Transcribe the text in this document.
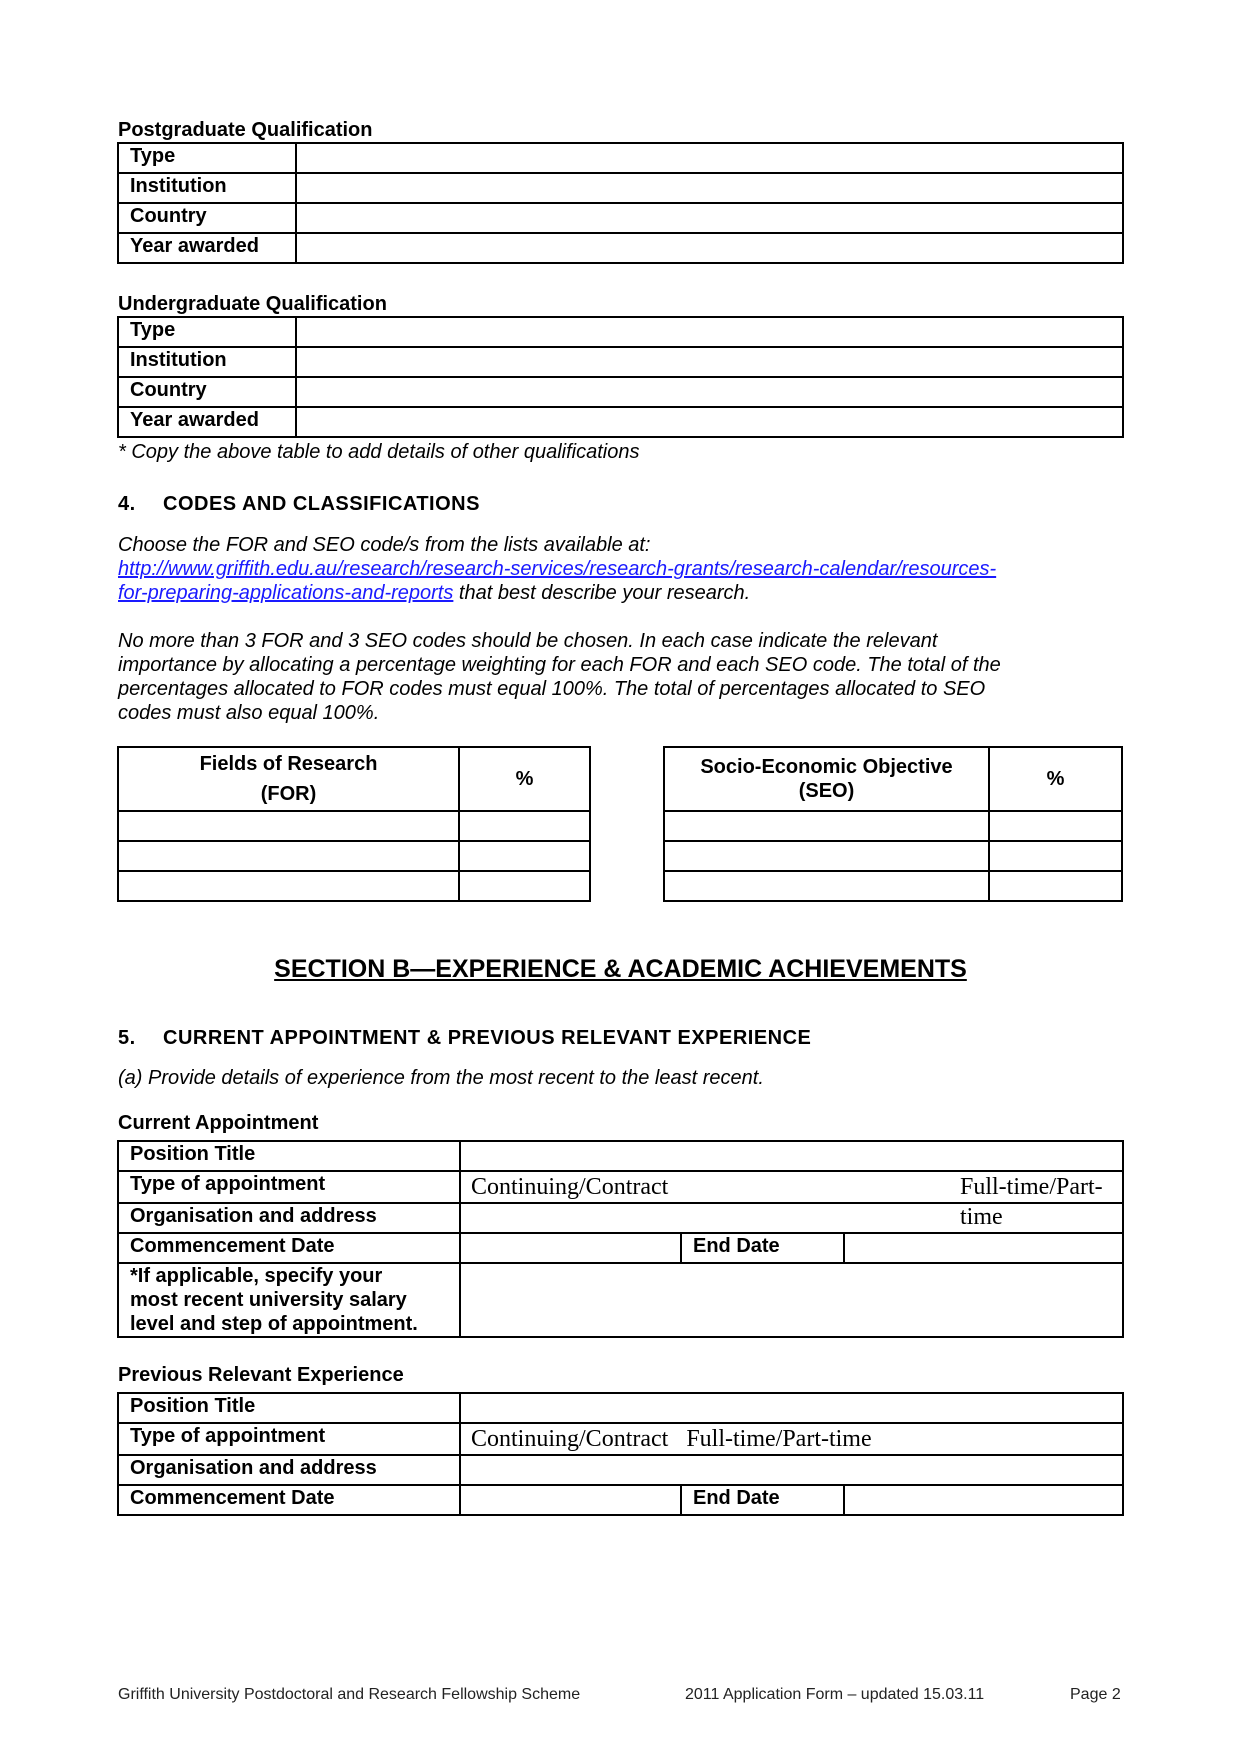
Postgraduate Qualification
Type	
Institution	
Country	
Year awarded	
Undergraduate Qualification
Type	
Institution	
Country	
Year awarded	
* Copy the above table to add details of other qualifications
4. CODES AND CLASSIFICATIONS
Choose the FOR and SEO code/s from the lists available at:
http://www.griffith.edu.au/research/research-services/research-grants/research-calendar/resources-
for-preparing-applications-and-reports that best describe your research.
No more than 3 FOR and 3 SEO codes should be chosen. In each case indicate the relevant
importance by allocating a percentage weighting for each FOR and each SEO code. The total of the
percentages allocated to FOR codes must equal 100%. The total of percentages allocated to SEO
codes must also equal 100%.
Fields of Research
(FOR)	%

Socio-Economic Objective
(SEO)	%

SECTION B—EXPERIENCE & ACADEMIC ACHIEVEMENTS
5. CURRENT APPOINTMENT & PREVIOUS RELEVANT EXPERIENCE
(a) Provide details of experience from the most recent to the least recent.
Current Appointment
Position Title			
Type of appointment	Continuing/Contract Full-time/Part-time		

Organisation and address			
Commencement Date		End Date	

*If applicable, specify your
most recent university salary
level and step of appointment.			

Previous Relevant Experience
Position Title			
Type of appointment	Continuing/Contract   Full-time/Part-time		
Organisation and address			
Commencement Date		End Date	
Griffith University Postdoctoral and Research Fellowship Scheme	2011 Application Form – updated 15.03.11	Page 2
